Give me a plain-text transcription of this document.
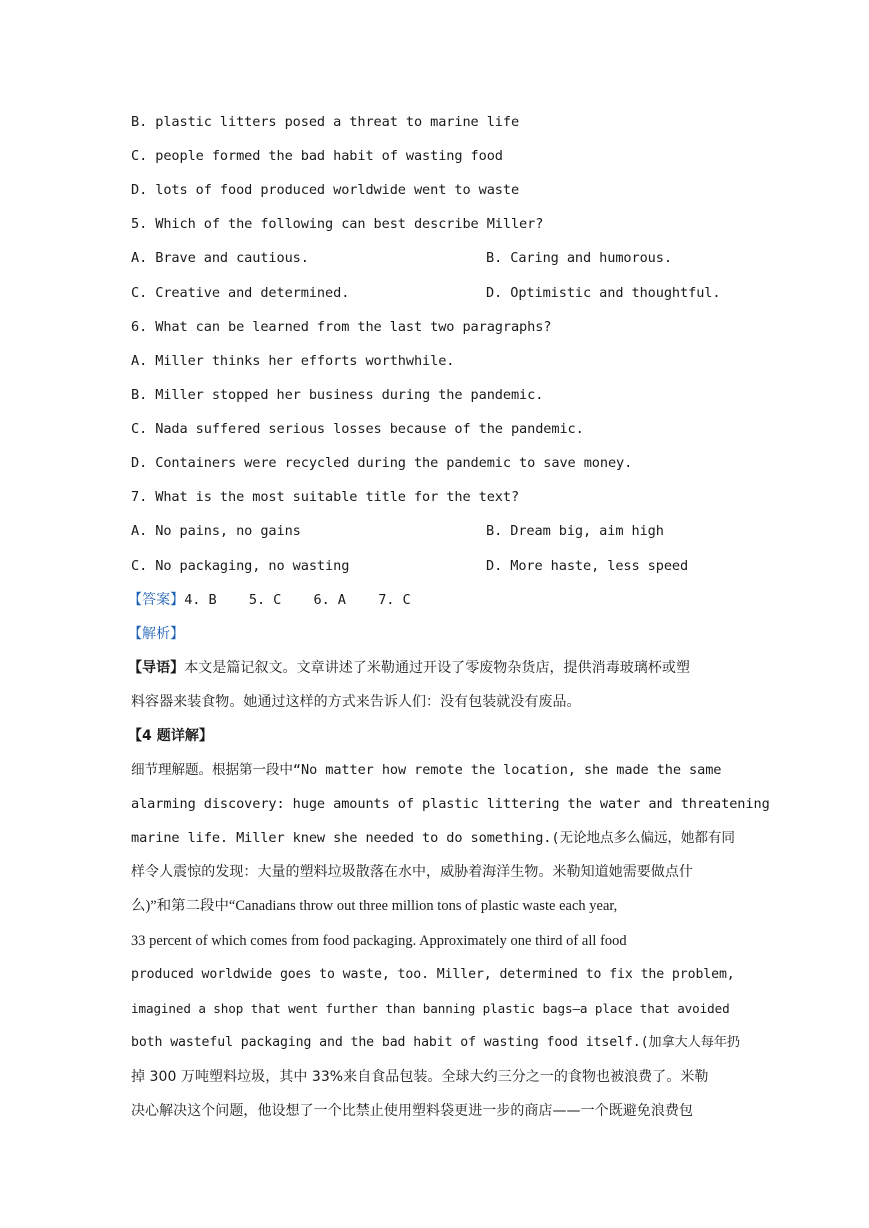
B. plastic litters posed a threat to marine life
C. people formed the bad habit of wasting food
D. lots of food produced worldwide went to waste
5. Which of the following can best describe Miller?
A. Brave and cautious.	B. Caring and humorous.
C. Creative and determined.	D. Optimistic and thoughtful.
6. What can be learned from the last two paragraphs?
A. Miller thinks her efforts worthwhile.
B. Miller stopped her business during the pandemic.
C. Nada suffered serious losses because of the pandemic.
D. Containers were recycled during the pandemic to save money.
7. What is the most suitable title for the text?
A. No pains, no gains	B. Dream big, aim high
C. No packaging, no wasting	D. More haste, less speed
【答案】4. B    5. C    6. A    7. C
【解析】
【导语】本文是篇记叙文。文章讲述了米勒通过开设了零废物杂货店，提供消毒玻璃杯或塑
料容器来装食物。她通过这样的方式来告诉人们：没有包装就没有废品。
【4 题详解】
细节理解题。根据第一段中“No matter how remote the location, she made the same
alarming discovery: huge amounts of plastic littering the water and threatening
marine life. Miller knew she needed to do something.(无论地点多么偏远，她都有同
样令人震惊的发现：大量的塑料垃圾散落在水中，威胁着海洋生物。米勒知道她需要做点什
么)”和第二段中“Canadians throw out three million tons of plastic waste each year,
33 percent of which comes from food packaging. Approximately one third of all food
produced worldwide goes to waste, too. Miller, determined to fix the problem,
imagined a shop that went further than banning plastic bags—a place that avoided
both wasteful packaging and the bad habit of wasting food itself.(加拿大人每年扔
掉 300 万吨塑料垃圾，其中 33%来自食品包装。全球大约三分之一的食物也被浪费了。米勒
决心解决这个问题，他设想了一个比禁止使用塑料袋更进一步的商店——一个既避免浪费包
